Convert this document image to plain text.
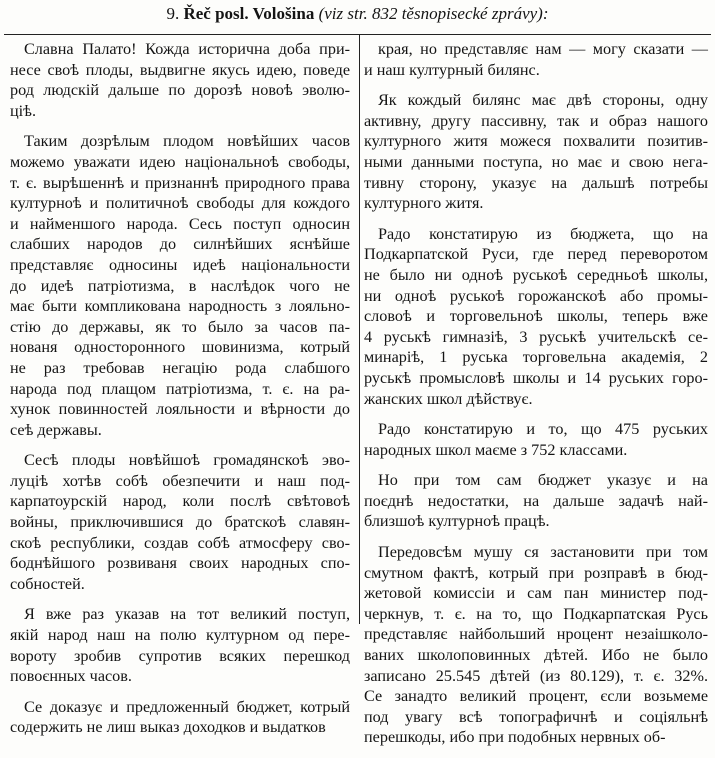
9. Řeč posl. Vološina (viz str. 832 těsnopisecké zprávy):
Славна Палато! Кожда исторична доба при-
несе своѣ плоды, выдвигне якусь идею, поведе
род людскій дальше по дорозѣ новоѣ эволю-
ціѣ.
Таким дозрѣлым плодом новѣйших часов
можемо уважати идею національноѣ свободы,
т. є. вырѣшеннѣ и признаннѣ природного права
културноѣ и политичноѣ свободы для кождого
и найменшого народа. Сесь поступ односин
слабших народов до силнѣйших яснѣйше
представляє односины идеѣ національности
до идеѣ патріотизма, в наслѣдок чого не
має быти компликована народность з лояльно-
стію до державы, як то было за часов па-
нованя односторонного шовинизма, котрый
не раз требовав негацію рода слабшого
народа под плащом патріотизма, т. є. на ра-
хунок повинностей лояльности и вѣрности до
сеѣ державы.
Сесѣ плоды новѣйшоѣ громадянскоѣ эво-
луціѣ хотѣв собѣ обезпечити и наш под-
карпатоурскій народ, коли послѣ свѣтовоѣ
войны, приключившися до братскоѣ славян-
скоѣ республики, создав собѣ атмосферу сво-
боднѣйшого розвиваня своих народных спо-
собностей.
Я вже раз указав на тот великий поступ,
якій народ наш на полю културном од пере-
вороту зробив супротив всяких перешкод
повоєнных часов.
Се доказує и предложенный бюджет, котрый
содержить не лиш выказ доходков и выдатков
края, но представляє нам — могу сказати —
и наш културный билянс.
Як кождый билянс має двѣ стороны, одну
активну, другу пассивну, так и образ нашого
културного житя можеся похвалити позитив-
ными данными поступа, но має и свою нега-
тивну сторону, указує на дальшѣ потребы
културного житя.
Радо констатирую из бюджета, що на
Подкарпатской Руси, где перед переворотом
не было ни одноѣ руськоѣ середньоѣ школы,
ни одноѣ руськоѣ горожанскоѣ або промы-
словоѣ и торговельноѣ школы, теперь вже
4 руськѣ гимназіѣ, 3 руськѣ учительскѣ се-
минаріѣ, 1 руська торговельна академія, 2
руськѣ промысловѣ школы и 14 руських горо-
жанских школ дѣйствує.
Радо констатирую и то, що 475 руських
народных школ маєме з 752 классами.
Но при том сам бюджет указує и на
поєднѣ недостатки, на дальше задачѣ най-
близшоѣ културноѣ працѣ.
Передовсѣм мушу ся застановити при том
смутном фактѣ, котрый при розправѣ в бюд-
жетовой комиссіи и сам пан министер под-
черкнув, т. є. на то, що Подкарпатская Русь
представляє найбольший нроцент незаішколо-
ваних школопoвинных дѣтей. Ибо не было
записано 25.545 дѣтей (из 80.129), т. є. 32%.
Се занадто великий процент, єсли возьмеме
под увагу всѣ топографичнѣ и соціяльнѣ
перешкоды, ибо при подобных нервных об-
